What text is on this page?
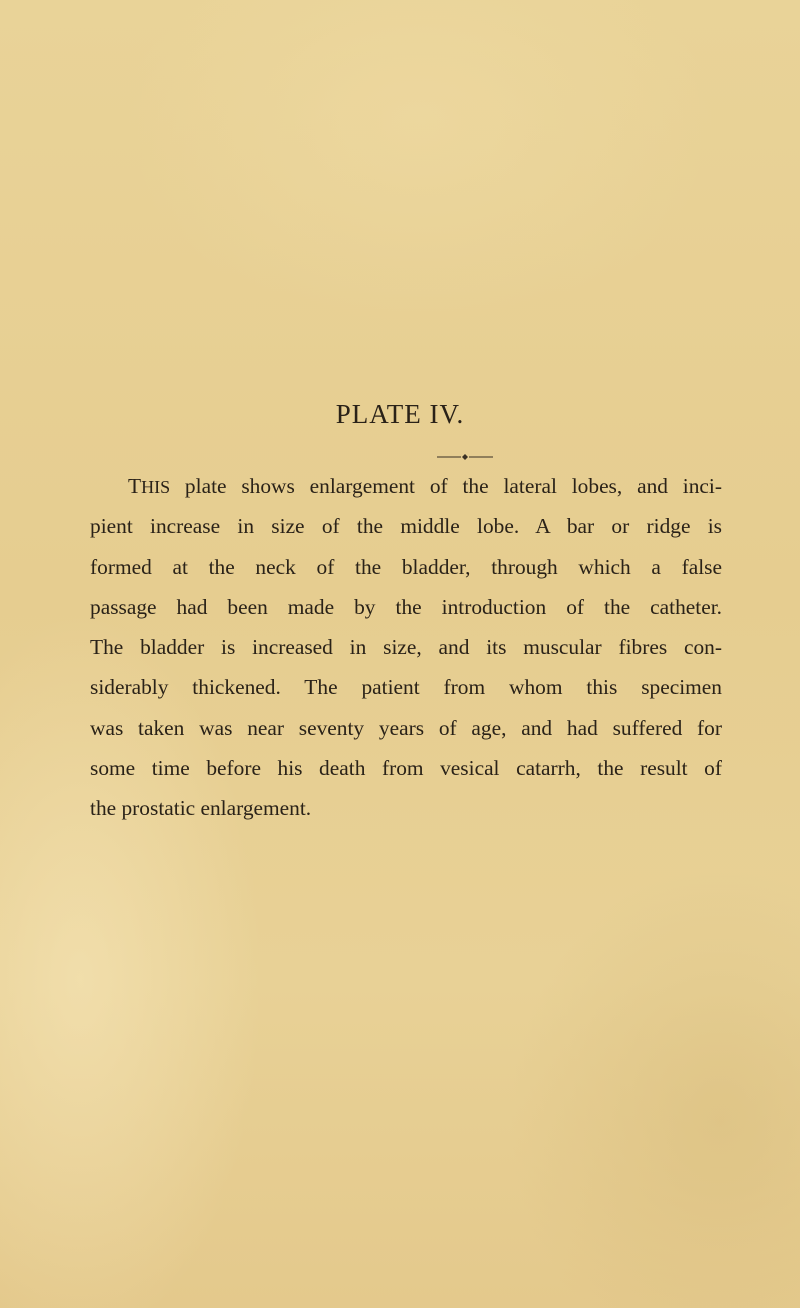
PLATE IV.
THIS plate shows enlargement of the lateral lobes, and inci-
pient increase in size of the middle lobe. A bar or ridge is
formed at the neck of the bladder, through which a false
passage had been made by the introduction of the catheter.
The bladder is increased in size, and its muscular fibres con-
siderably thickened. The patient from whom this specimen
was taken was near seventy years of age, and had suffered for
some time before his death from vesical catarrh, the result of
the prostatic enlargement.
